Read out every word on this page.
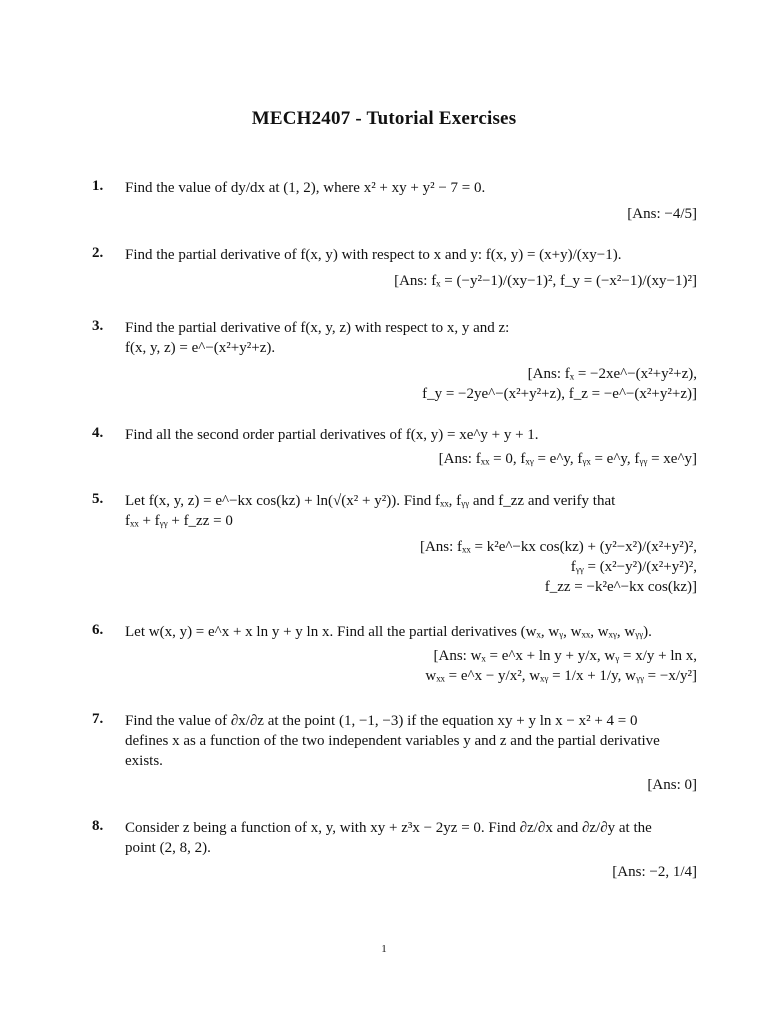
MECH2407 - Tutorial Exercises
1. Find the value of dy/dx at (1, 2), where x² + xy + y² − 7 = 0.
[Ans: −4/5]
2. Find the partial derivative of f(x, y) with respect to x and y: f(x, y) = (x+y)/(xy−1).
[Ans: fₓ = (−y²−1)/(xy−1)², f_y = (−x²−1)/(xy−1)²]
3. Find the partial derivative of f(x, y, z) with respect to x, y and z:
f(x, y, z) = e^−(x²+y²+z).
[Ans: fₓ = −2xe^−(x²+y²+z),
f_y = −2ye^−(x²+y²+z), f_z = −e^−(x²+y²+z)]
4. Find all the second order partial derivatives of f(x, y) = xe^y + y + 1.
[Ans: fₓₓ = 0, fₓᵧ = e^y, fᵧₓ = e^y, fᵧᵧ = xe^y]
5. Let f(x, y, z) = e^−kx cos(kz) + ln(√(x² + y²)). Find fₓₓ, fᵧᵧ and f_zz and verify that
fₓₓ + fᵧᵧ + f_zz = 0
[Ans: fₓₓ = k²e^−kx cos(kz) + (y²−x²)/(x²+y²)²,
fᵧᵧ = (x²−y²)/(x²+y²)²,
f_zz = −k²e^−kx cos(kz)]
6. Let w(x, y) = e^x + x ln y + y ln x. Find all the partial derivatives (wₓ, wᵧ, wₓₓ, wₓᵧ, wᵧᵧ).
[Ans: wₓ = e^x + ln y + y/x, wᵧ = x/y + ln x,
wₓₓ = e^x − y/x², wₓᵧ = 1/x + 1/y, wᵧᵧ = −x/y²]
7. Find the value of ∂x/∂z at the point (1, −1, −3) if the equation xy + y ln x − x² + 4 = 0
defines x as a function of the two independent variables y and z and the partial derivative
exists.
[Ans: 0]
8. Consider z being a function of x, y, with xy + z³x − 2yz = 0. Find ∂z/∂x and ∂z/∂y at the
point (2, 8, 2).
[Ans: −2, 1/4]
1
